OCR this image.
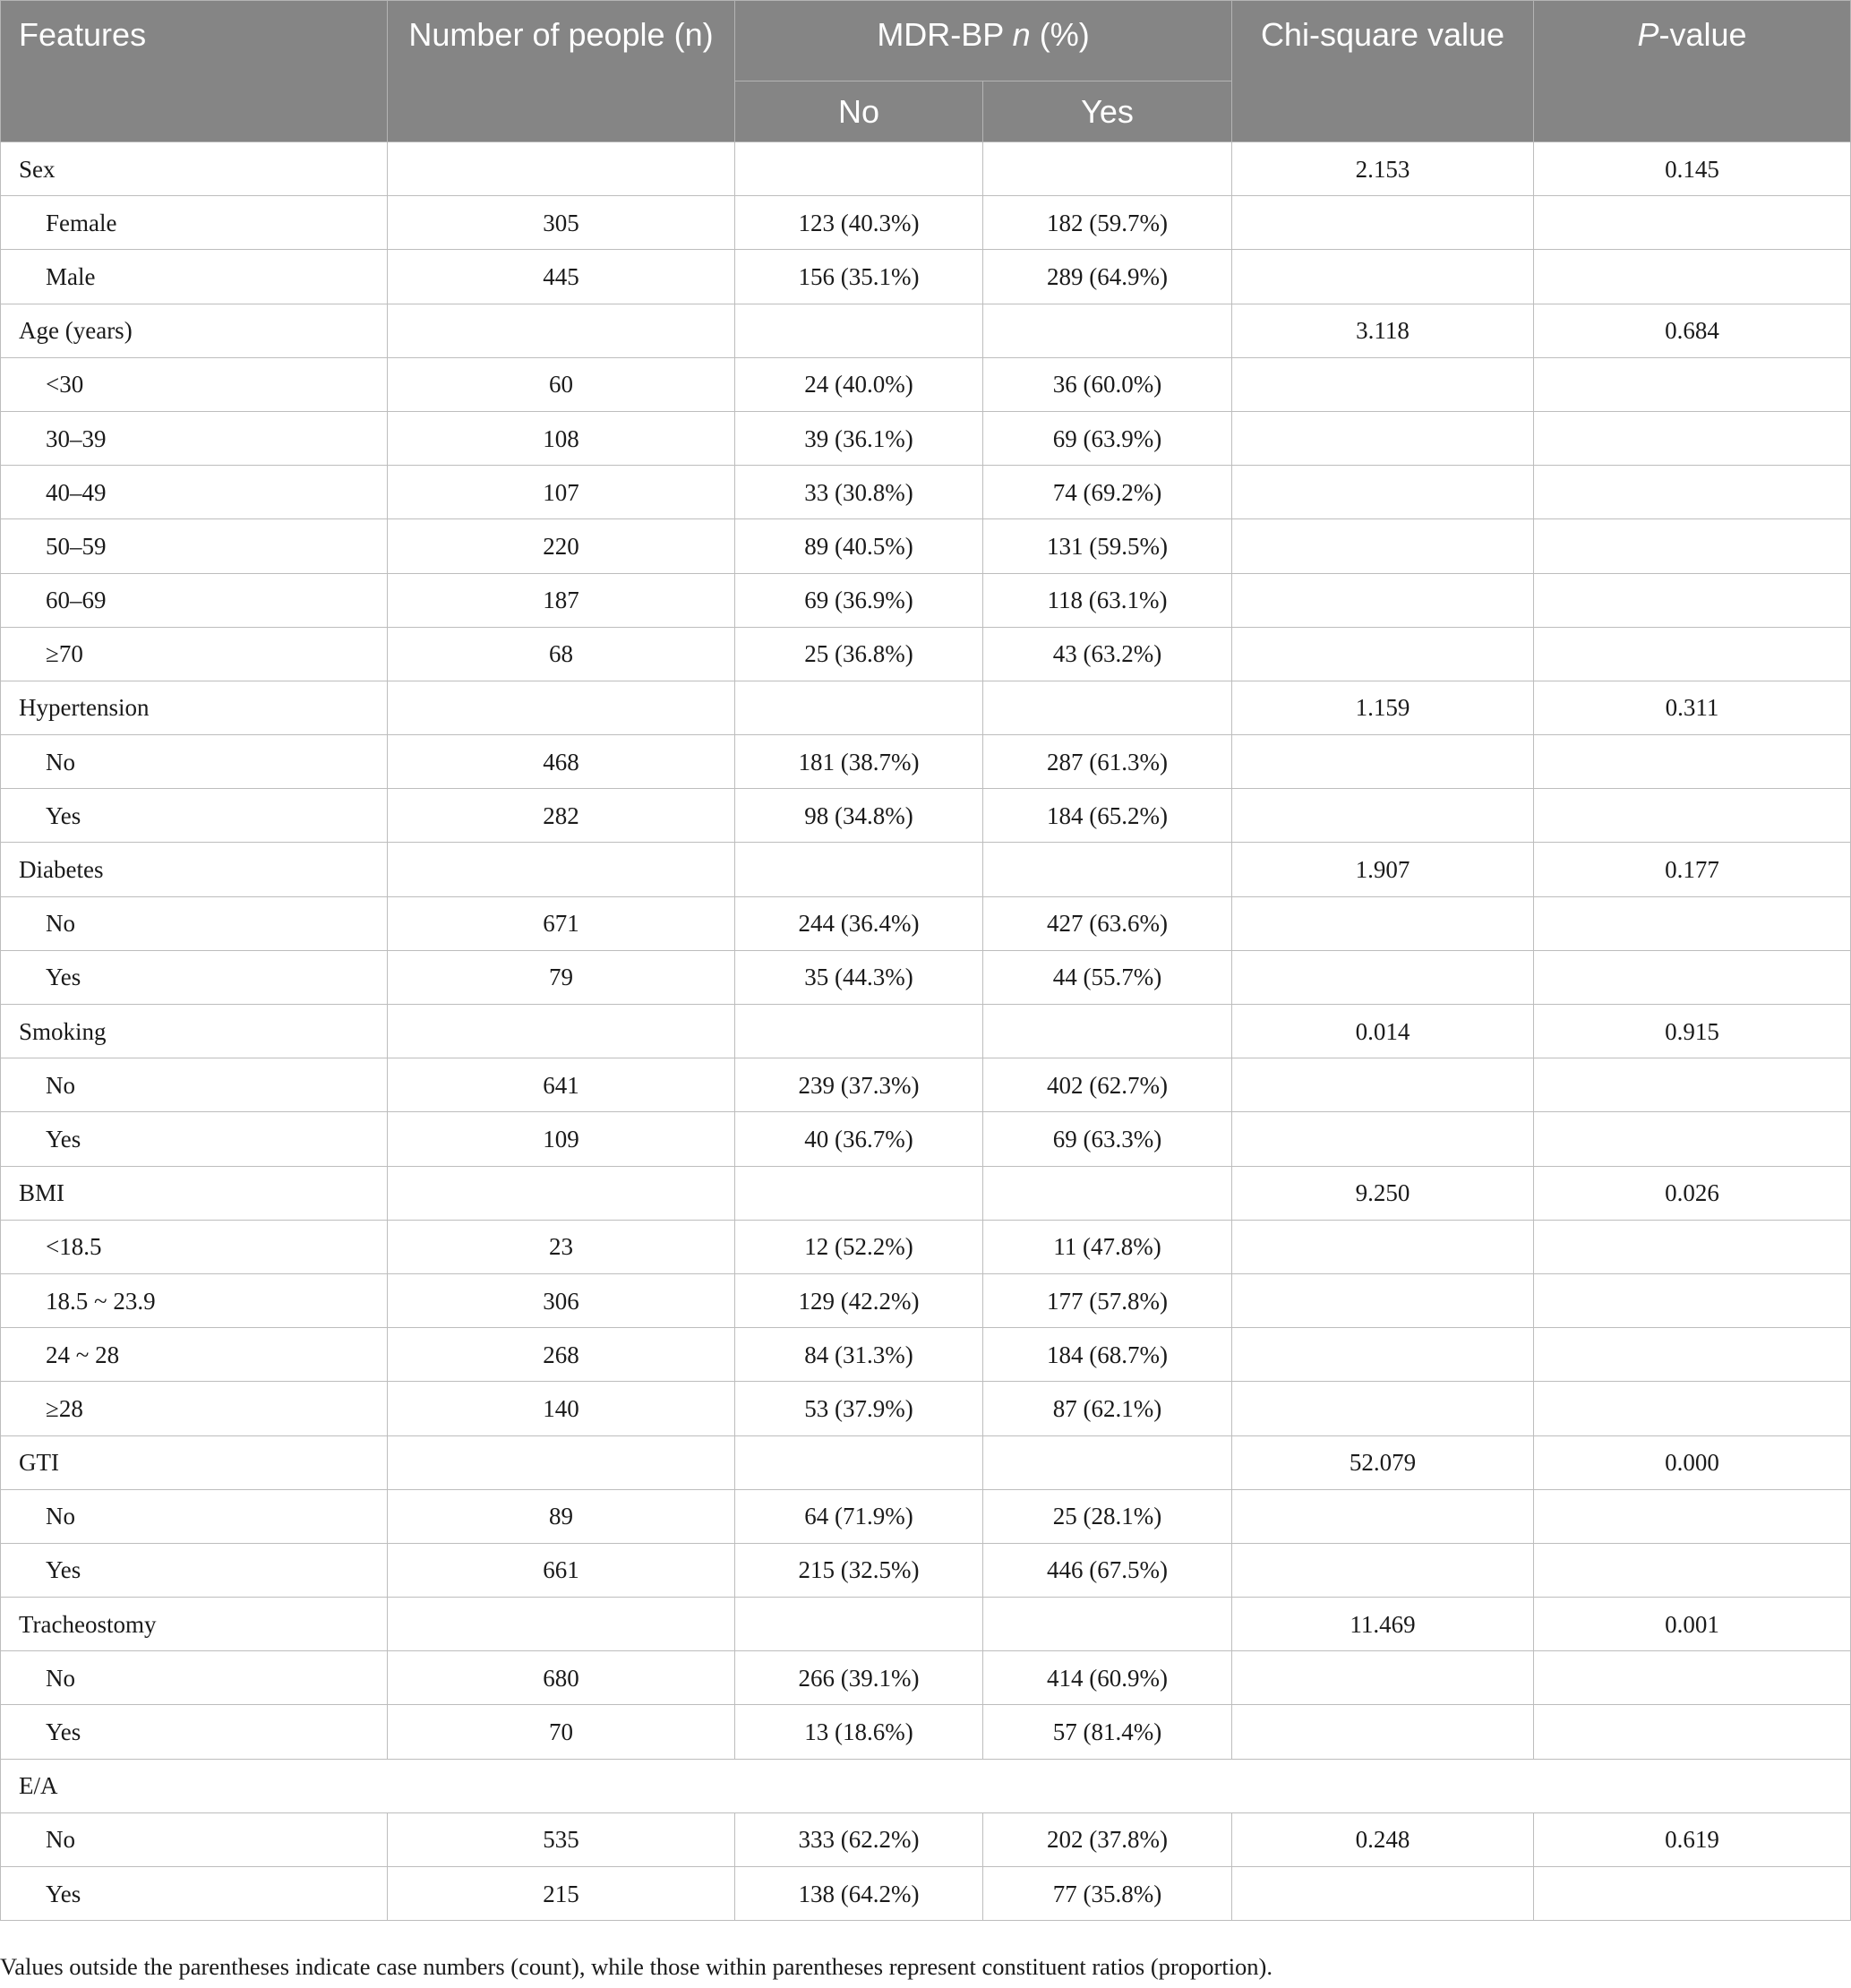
Features	Number of people (n)	MDR-BP n (%)		Chi-square value	P-value
		No	Yes		
Sex				2.153	0.145
Female	305	123 (40.3%)	182 (59.7%)		
Male	445	156 (35.1%)	289 (64.9%)		
Age (years)				3.118	0.684
<30	60	24 (40.0%)	36 (60.0%)		
30–39	108	39 (36.1%)	69 (63.9%)		
40–49	107	33 (30.8%)	74 (69.2%)		
50–59	220	89 (40.5%)	131 (59.5%)		
60–69	187	69 (36.9%)	118 (63.1%)		
≥70	68	25 (36.8%)	43 (63.2%)		
Hypertension				1.159	0.311
No	468	181 (38.7%)	287 (61.3%)		
Yes	282	98 (34.8%)	184 (65.2%)		
Diabetes				1.907	0.177
No	671	244 (36.4%)	427 (63.6%)		
Yes	79	35 (44.3%)	44 (55.7%)		
Smoking				0.014	0.915
No	641	239 (37.3%)	402 (62.7%)		
Yes	109	40 (36.7%)	69 (63.3%)		
BMI				9.250	0.026
<18.5	23	12 (52.2%)	11 (47.8%)		
18.5 ~ 23.9	306	129 (42.2%)	177 (57.8%)		
24 ~ 28	268	84 (31.3%)	184 (68.7%)		
≥28	140	53 (37.9%)	87 (62.1%)		
GTI				52.079	0.000
No	89	64 (71.9%)	25 (28.1%)		
Yes	661	215 (32.5%)	446 (67.5%)		
Tracheostomy				11.469	0.001
No	680	266 (39.1%)	414 (60.9%)		
Yes	70	13 (18.6%)	57 (81.4%)		
E/A					
No	535	333 (62.2%)	202 (37.8%)	0.248	0.619
Yes	215	138 (64.2%)	77 (35.8%)		
Values outside the parentheses indicate case numbers (count), while those within parentheses represent constituent ratios (proportion).
